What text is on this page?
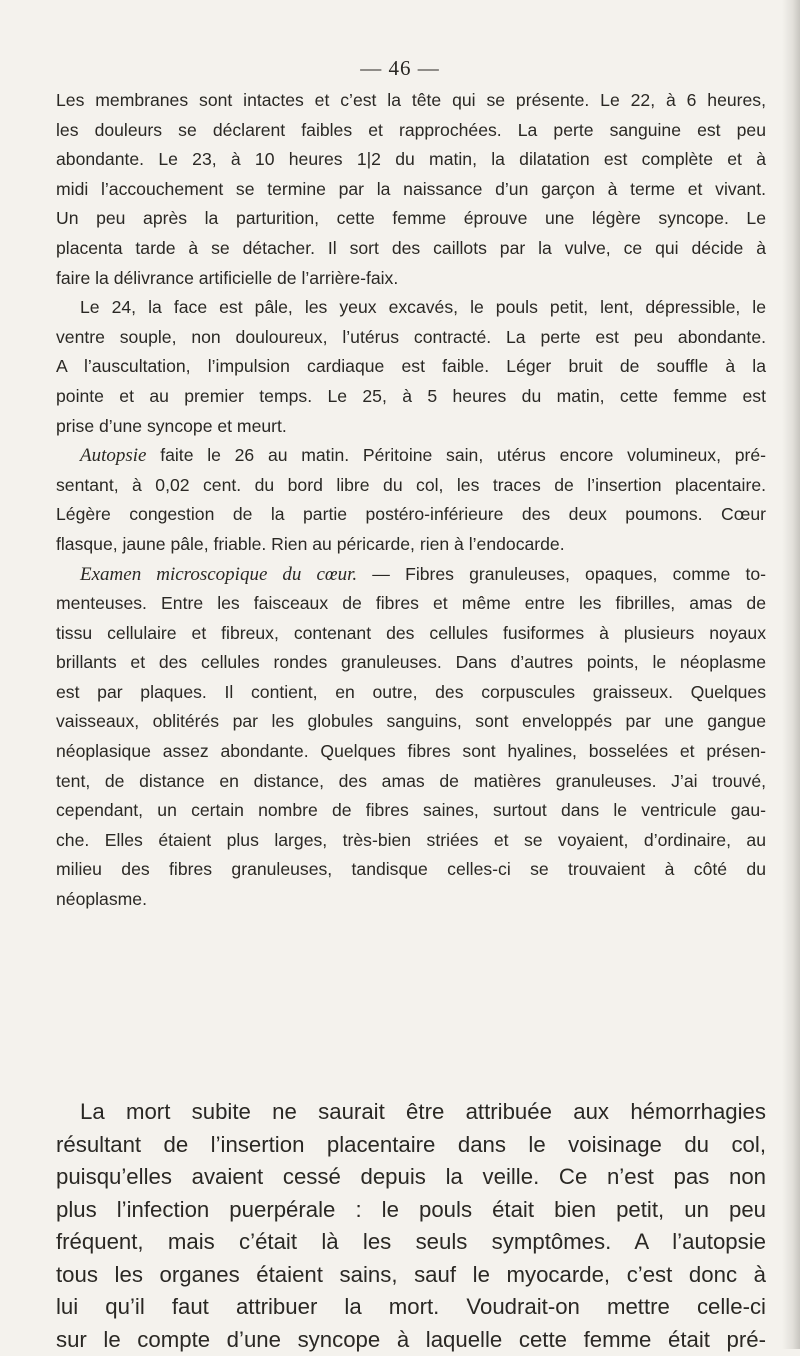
— 46 —
Les membranes sont intactes et c’est la tête qui se présente. Le 22, à 6 heures,
les douleurs se déclarent faibles et rapprochées. La perte sanguine est peu
abondante. Le 23, à 10 heures 1|2 du matin, la dilatation est complète et à
midi l’accouchement se termine par la naissance d’un garçon à terme et vivant.
Un peu après la parturition, cette femme éprouve une légère syncope. Le
placenta tarde à se détacher. Il sort des caillots par la vulve, ce qui décide à
faire la délivrance artificielle de l’arrière-faix.
Le 24, la face est pâle, les yeux excavés, le pouls petit, lent, dépressible, le
ventre souple, non douloureux, l’utérus contracté. La perte est peu abondante.
A l’auscultation, l’impulsion cardiaque est faible. Léger bruit de souffle à la
pointe et au premier temps. Le 25, à 5 heures du matin, cette femme est
prise d’une syncope et meurt.
Autopsie faite le 26 au matin. Péritoine sain, utérus encore volumineux, pré-
sentant, à 0,02 cent. du bord libre du col, les traces de l’insertion placentaire.
Légère congestion de la partie postéro-inférieure des deux poumons. Cœur
flasque, jaune pâle, friable. Rien au péricarde, rien à l’endocarde.
Examen microscopique du cœur. — Fibres granuleuses, opaques, comme to-
menteuses. Entre les faisceaux de fibres et même entre les fibrilles, amas de
tissu cellulaire et fibreux, contenant des cellules fusiformes à plusieurs noyaux
brillants et des cellules rondes granuleuses. Dans d’autres points, le néoplasme
est par plaques. Il contient, en outre, des corpuscules graisseux. Quelques
vaisseaux, oblitérés par les globules sanguins, sont enveloppés par une gangue
néoplasique assez abondante. Quelques fibres sont hyalines, bosselées et présen-
tent, de distance en distance, des amas de matières granuleuses. J’ai trouvé,
cependant, un certain nombre de fibres saines, surtout dans le ventricule gau-
che. Elles étaient plus larges, très-bien striées et se voyaient, d’ordinaire, au
milieu des fibres granuleuses, tandisque celles-ci se trouvaient à côté du
néoplasme.
La mort subite ne saurait être attribuée aux hémorrhagies
résultant de l’insertion placentaire dans le voisinage du col,
puisqu’elles avaient cessé depuis la veille. Ce n’est pas non
plus l’infection puerpérale : le pouls était bien petit, un peu
fréquent, mais c’était là les seuls symptômes. A l’autopsie
tous les organes étaient sains, sauf le myocarde, c’est donc à
lui qu’il faut attribuer la mort. Voudrait-on mettre celle-ci
sur le compte d’une syncope à laquelle cette femme était pré-
